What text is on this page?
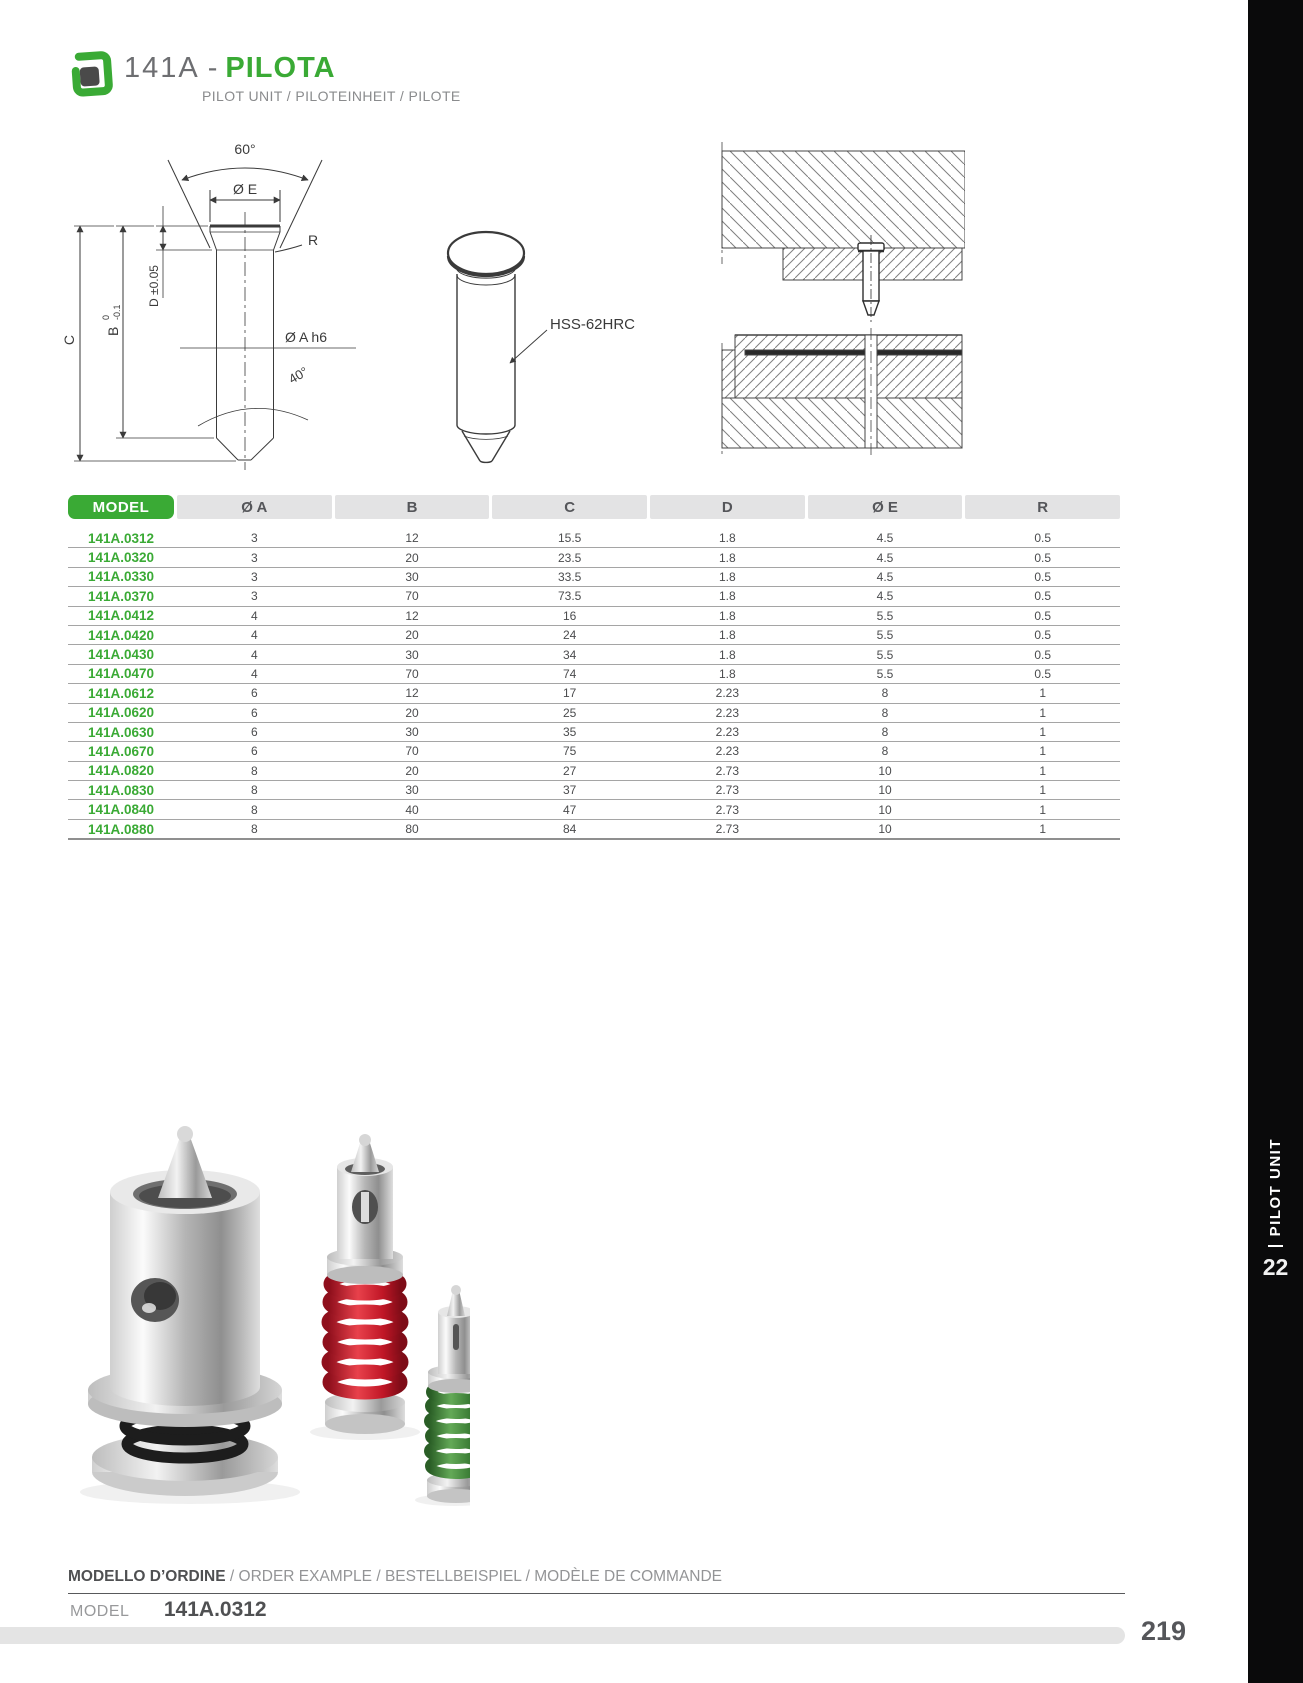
PILOT UNIT
22
141A - PILOTA
PILOT UNIT / PILOTEINHEIT / PILOTE
60°
Ø E
R
D ±0.05
B
0 -0.1
C	Ø A h6
40°
HSS-62HRC
MODEL	Ø A	B	C	D	Ø E	R
141A.0312	3	12	15.5	1.8	4.5	0.5
141A.0320	3	20	23.5	1.8	4.5	0.5
141A.0330	3	30	33.5	1.8	4.5	0.5
141A.0370	3	70	73.5	1.8	4.5	0.5
141A.0412	4	12	16	1.8	5.5	0.5
141A.0420	4	20	24	1.8	5.5	0.5
141A.0430	4	30	34	1.8	5.5	0.5
141A.0470	4	70	74	1.8	5.5	0.5
141A.0612	6	12	17	2.23	8	1
141A.0620	6	20	25	2.23	8	1
141A.0630	6	30	35	2.23	8	1
141A.0670	6	70	75	2.23	8	1
141A.0820	8	20	27	2.73	10	1
141A.0830	8	30	37	2.73	10	1
141A.0840	8	40	47	2.73	10	1
141A.0880	8	80	84	2.73	10	1
MODELLO D’ORDINE / ORDER EXAMPLE / BESTELLBEISPIEL / MODÈLE DE COMMANDE
MODEL 141A.0312
219
